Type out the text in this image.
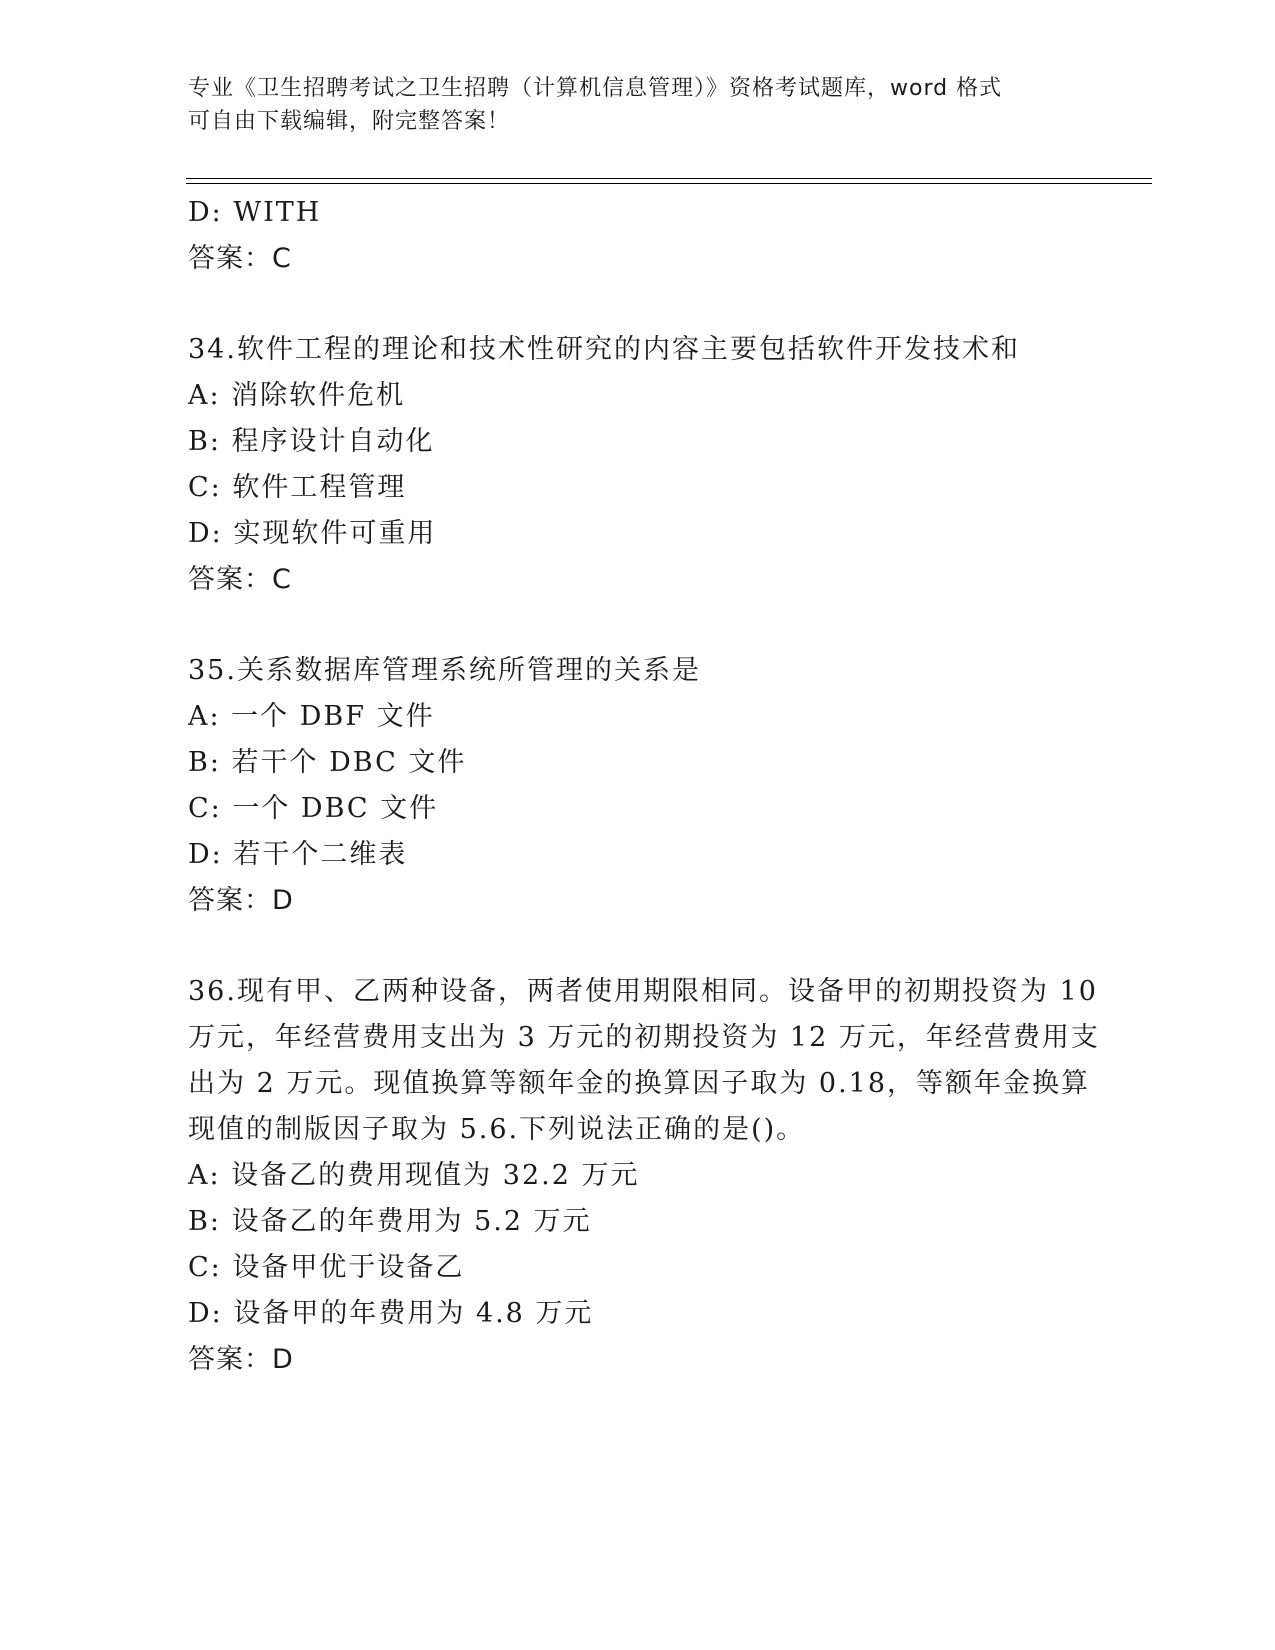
专业《卫生招聘考试之卫生招聘（计算机信息管理）》资格考试题库，word 格式
可自由下载编辑，附完整答案！
D: WITH
答案：C
34.软件工程的理论和技术性研究的内容主要包括软件开发技术和
A: 消除软件危机
B: 程序设计自动化
C: 软件工程管理
D: 实现软件可重用
答案：C
35.关系数据库管理系统所管理的关系是
A: 一个 DBF 文件
B: 若干个 DBC 文件
C: 一个 DBC 文件
D: 若干个二维表
答案：D
36.现有甲、乙两种设备，两者使用期限相同。设备甲的初期投资为 10
万元，年经营费用支出为 3 万元的初期投资为 12 万元，年经营费用支
出为 2 万元。现值换算等额年金的换算因子取为 0.18，等额年金换算
现值的制版因子取为 5.6.下列说法正确的是()。
A: 设备乙的费用现值为 32.2 万元
B: 设备乙的年费用为 5.2 万元
C: 设备甲优于设备乙
D: 设备甲的年费用为 4.8 万元
答案：D
